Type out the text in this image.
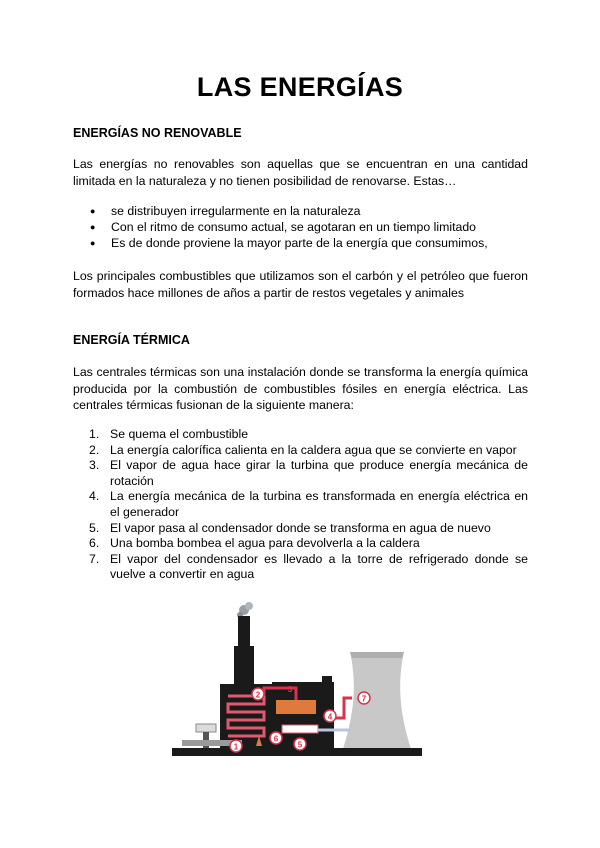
LAS ENERGÍAS
ENERGÍAS NO RENOVABLE

Las energías no renovables son aquellas que se encuentran en una cantidad limitada en la naturaleza y no tienen posibilidad de renovarse. Estas…

● se distribuyen irregularmente en la naturaleza
● Con el ritmo de consumo actual, se agotaran en un tiempo limitado
● Es de donde proviene la mayor parte de la energía que consumimos,

Los principales combustibles que utilizamos son el carbón y el petróleo que fueron formados hace millones de años a partir de restos vegetales y animales

ENERGÍA TÉRMICA

Las centrales térmicas son una instalación donde se transforma la energía química producida por la combustión de combustibles fósiles en energía eléctrica. Las centrales térmicas fusionan de la siguiente manera:

1. Se quema el combustible
2. La energía calorífica calienta en la caldera agua que se convierte en vapor
3. El vapor de agua hace girar la turbina que produce energía mecánica de rotación
4. La energía mecánica de la turbina es transformada en energía eléctrica en el generador
5. El vapor pasa al condensador donde se transforma en agua de nuevo
6. Una bomba bombea el agua para devolverla a la caldera
7. El vapor del condensador es llevado a la torre de refrigerado donde se vuelve a convertir en agua
1
2
3
4
5
6
7
